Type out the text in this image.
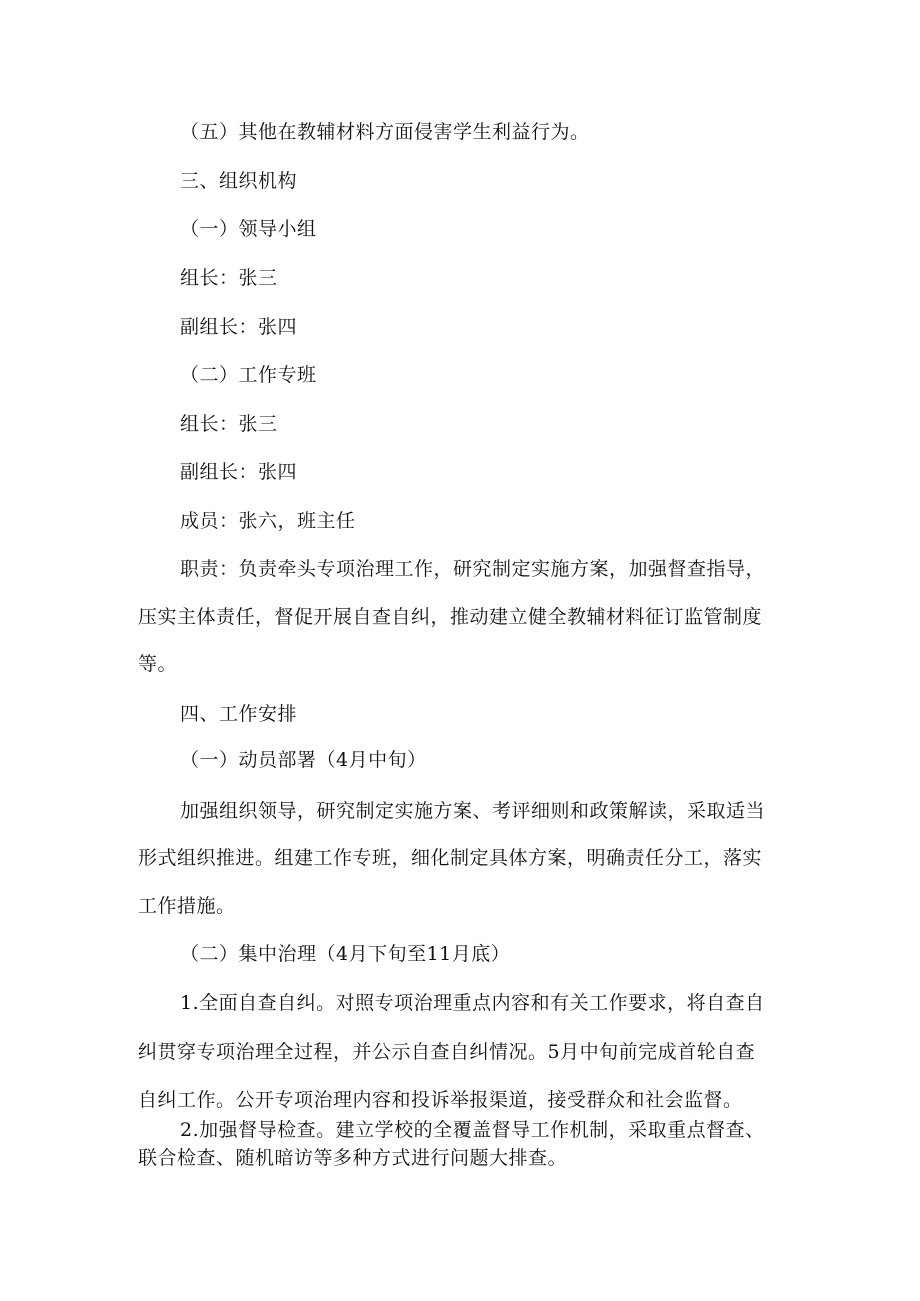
（五）其他在教辅材料方面侵害学生利益行为。
三、组织机构
（一）领导小组
组长：张三
副组长：张四
（二）工作专班
组长：张三
副组长：张四
成员：张六，班主任
职责：负责牵头专项治理工作，研究制定实施方案，加强督查指导，
压实主体责任，督促开展自查自纠，推动建立健全教辅材料征订监管制度
等。
四、工作安排
（一）动员部署（4月中旬）
加强组织领导，研究制定实施方案、考评细则和政策解读，采取适当
形式组织推进。组建工作专班，细化制定具体方案，明确责任分工，落实
工作措施。
（二）集中治理（4月下旬至11月底）
1.全面自查自纠。对照专项治理重点内容和有关工作要求，将自查自
纠贯穿专项治理全过程，并公示自查自纠情况。5月中旬前完成首轮自查
自纠工作。公开专项治理内容和投诉举报渠道，接受群众和社会监督。
2.加强督导检查。建立学校的全覆盖督导工作机制，采取重点督查、
联合检查、随机暗访等多种方式进行问题大排查。
